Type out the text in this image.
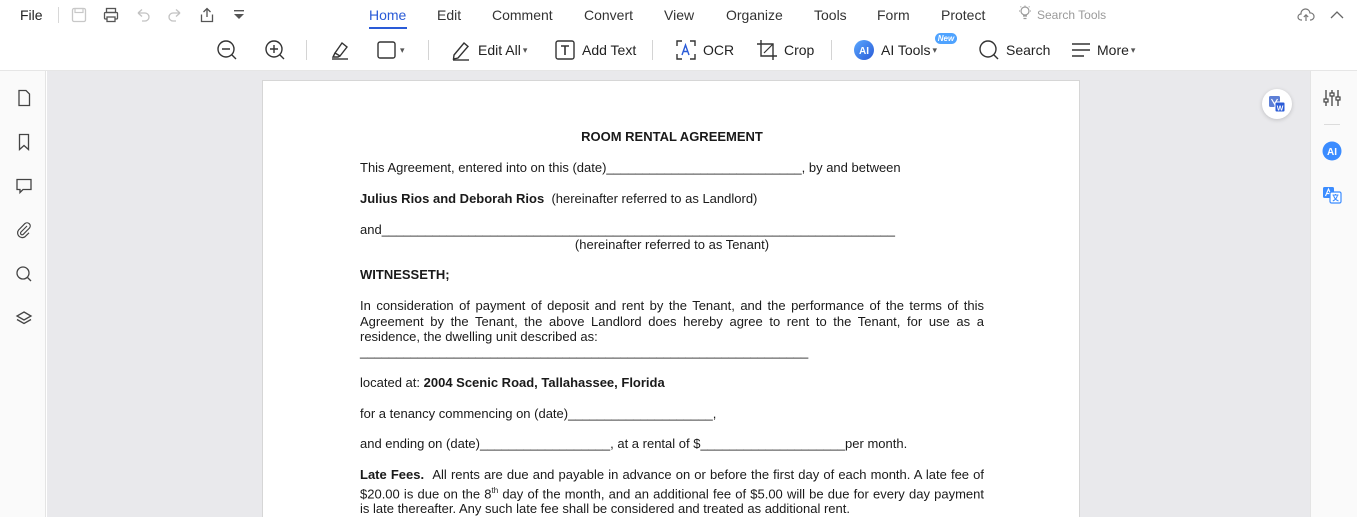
File	Home Edit Comment Convert View Organize Tools Form Protect	Search Tools
▾	Edit All ▾	Add Text	OCR	Crop	AI AI Tools ▾	Search	More ▾
New
ROOM RENTAL AGREEMENT
This Agreement, entered into on this (date)___________________________, by and between
Julius Rios and Deborah Rios (hereinafter referred to as Landlord)
and_______________________________________________________________________
(hereinafter referred to as Tenant)
WITNESSETH;
In consideration of payment of deposit and rent by the Tenant, and the performance of the terms of this Agreement by the Tenant, the above Landlord does hereby agree to rent to the Tenant, for use as a residence, the dwelling unit described as:
______________________________________________________________
located at: 2004 Scenic Road, Tallahassee, Florida
for a tenancy commencing on (date)____________________,
and ending on (date)__________________, at a rental of $____________________per month.
Late Fees. All rents are due and payable in advance on or before the first day of each month. A late fee of $20.00 is due on the 8th day of the month, and an additional fee of $5.00 will be due for every day payment is late thereafter. Any such late fee shall be considered and treated as additional rent.
W
AI
